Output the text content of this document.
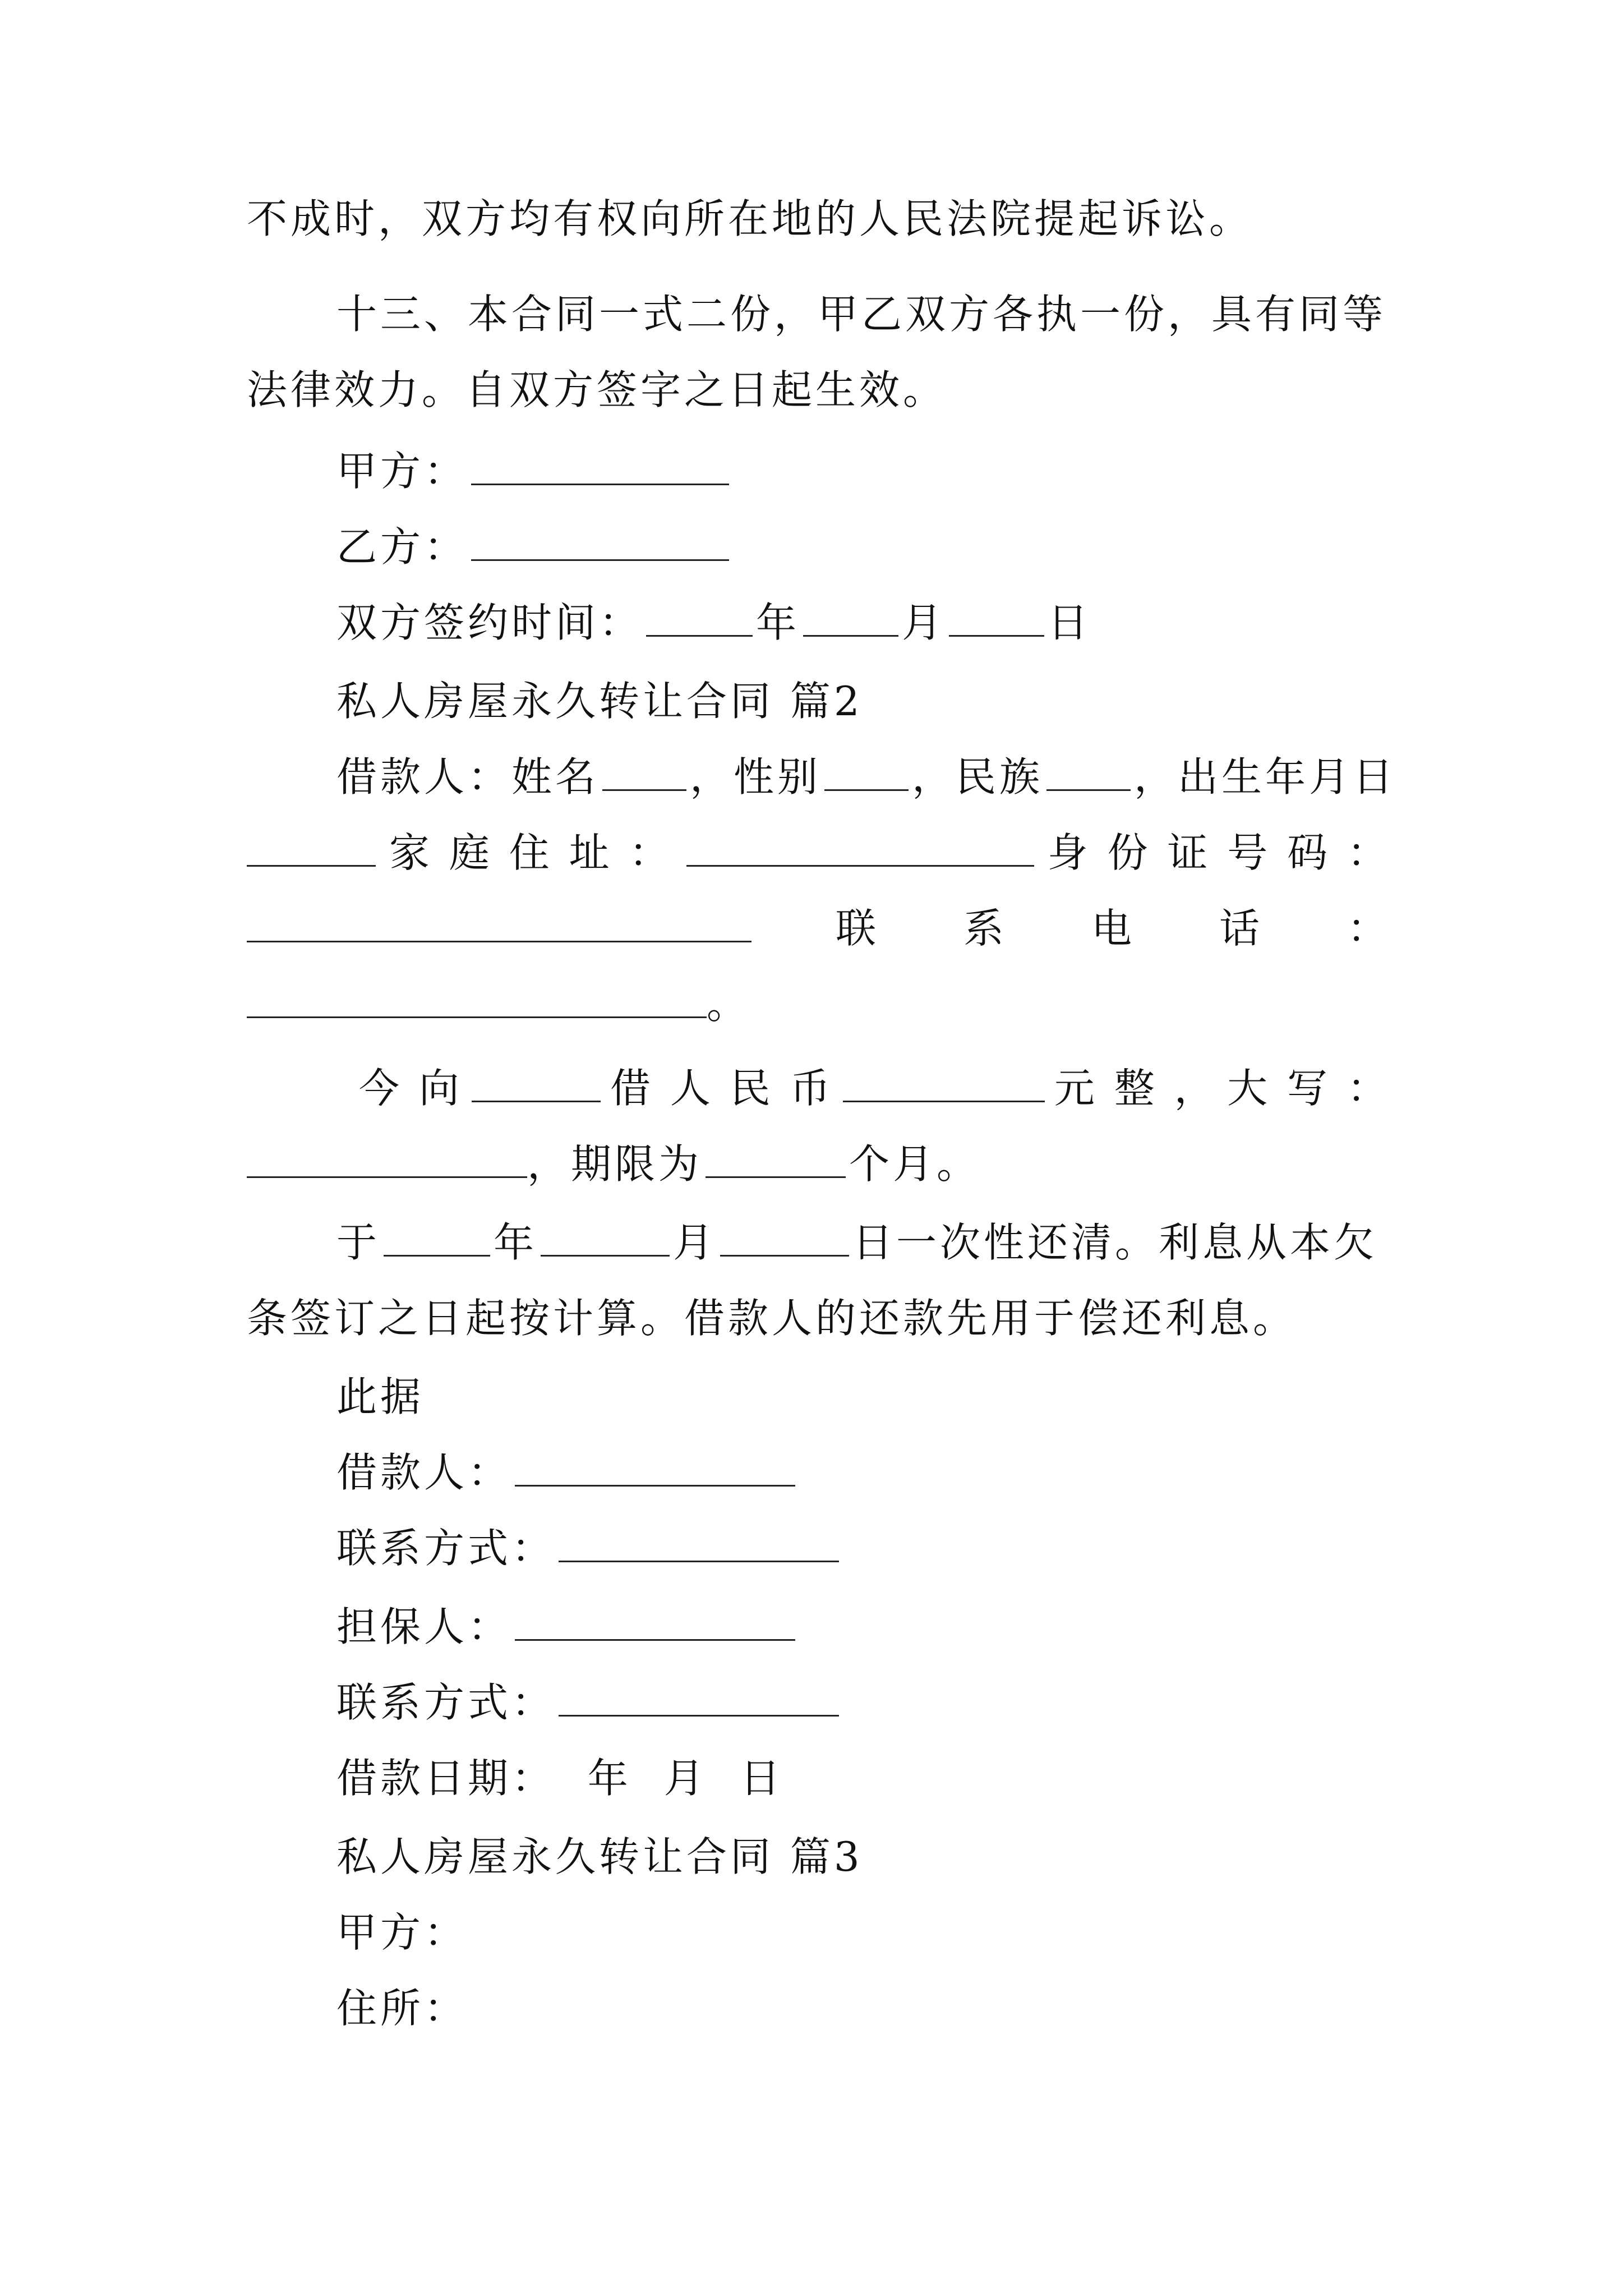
不成时，双方均有权向所在地的人民法院提起诉讼。
十三、本合同一式二份，甲乙双方各执一份，具有同等
法律效力。自双方签字之日起生效。
甲方：
乙方：
双方签约时间：	年	月	日
私人房屋永久转让合同 篇2
借款人：姓名 ，性别 ，民族 ，出生年月日
家 庭 住 址 ：	身 份 证 号 码 ：
联 系 电 话 ：
。
今 向	借 人 民 币	元 整 ， 大 写 ：
，期限为	个月。
于	年	月	日一次性还清。利息从本欠
条签订之日起按计算。借款人的还款先用于偿还利息。
此据
借款人：
联系方式：
担保人：
联系方式：
借款日期：  年  月  日
私人房屋永久转让合同 篇3
甲方：
住所：
